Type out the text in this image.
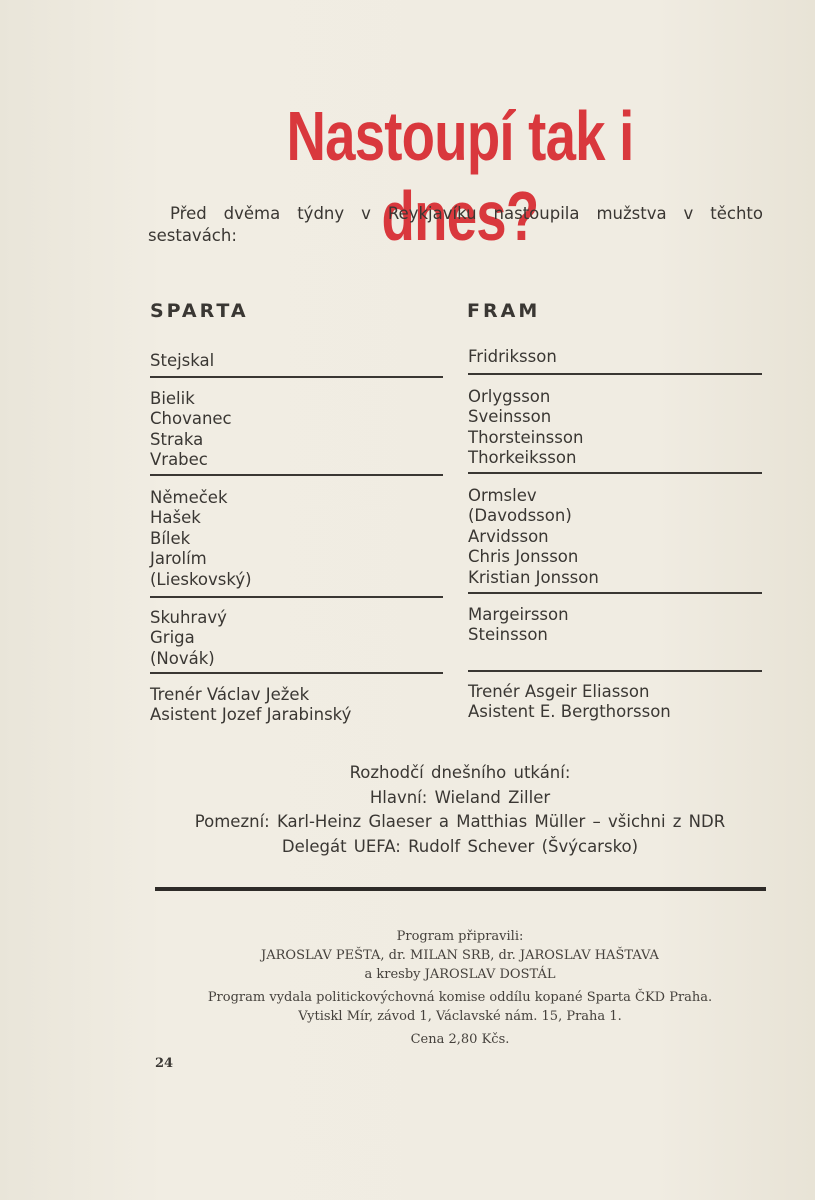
Nastoupí tak i dnes?
Před dvěma týdny v Reykjavíku nastoupila mužstva v těchto sestavách:
SPARTA	FRAM
Stejskal
Bielik
Chovanec
Straka
Vrabec
Němeček
Hašek
Bílek
Jarolím
(Lieskovský)
Skuhravý
Griga
(Novák)
Trenér Václav Ježek
Asistent Jozef Jarabinský
Fridriksson
Orlygsson
Sveinsson
Thorsteinsson
Thorkeiksson
Ormslev
(Davodsson)
Arvidsson
Chris Jonsson
Kristian Jonsson
Margeirsson
Steinsson
Trenér Asgeir Eliasson
Asistent E. Bergthorsson
Rozhodčí dnešního utkání:
Hlavní: Wieland Ziller
Pomezní: Karl-Heinz Glaeser a Matthias Müller – všichni z NDR
Delegát UEFA: Rudolf Schever (Švýcarsko)
Program připravili:
JAROSLAV PEŠTA, dr. MILAN SRB, dr. JAROSLAV HAŠTAVA
a kresby JAROSLAV DOSTÁL
Program vydala politickovýchovná komise oddílu kopané Sparta ČKD Praha.
Vytiskl Mír, závod 1, Václavské nám. 15, Praha 1.
Cena 2,80 Kčs.
24
